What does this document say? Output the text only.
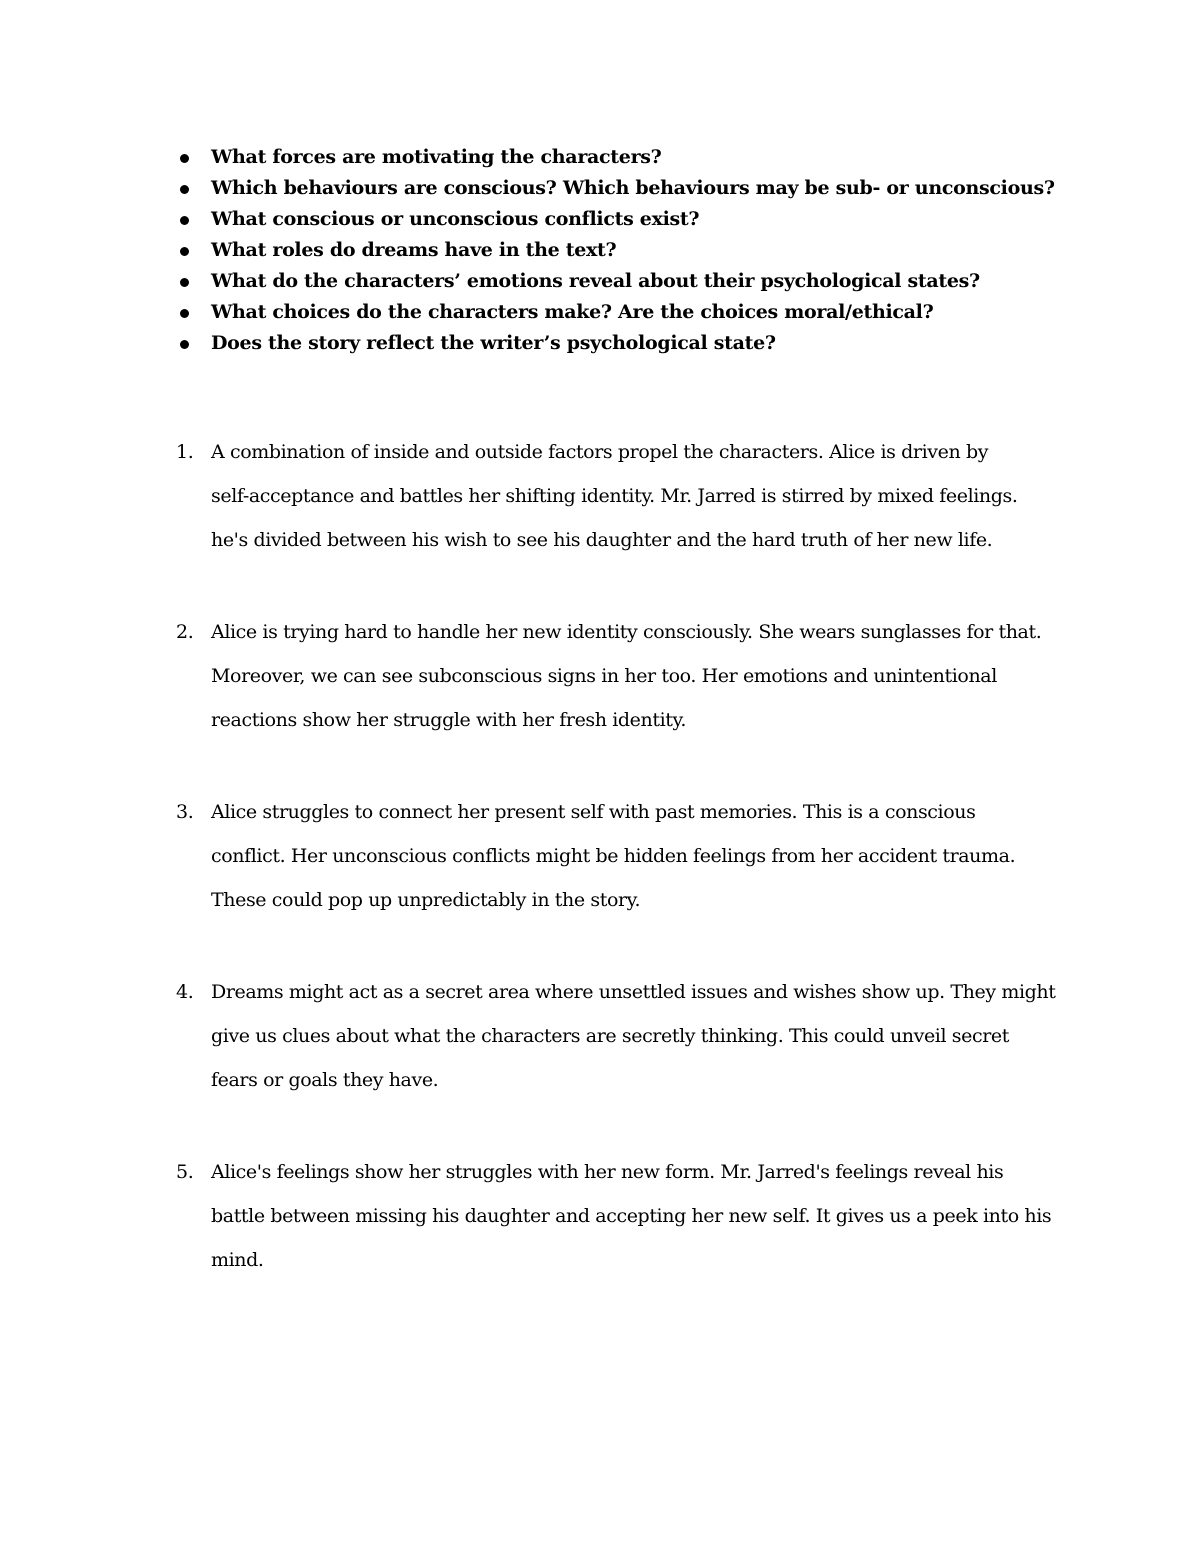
What forces are motivating the characters?
Which behaviours are conscious? Which behaviours may be sub- or unconscious?
What conscious or unconscious conflicts exist?
What roles do dreams have in the text?
What do the characters’ emotions reveal about their psychological states?
What choices do the characters make? Are the choices moral/ethical?
Does the story reflect the writer’s psychological state?
1. A combination of inside and outside factors propel the characters. Alice is driven by
self-acceptance and battles her shifting identity. Mr. Jarred is stirred by mixed feelings.
he's divided between his wish to see his daughter and the hard truth of her new life.
2. Alice is trying hard to handle her new identity consciously. She wears sunglasses for that.
Moreover, we can see subconscious signs in her too. Her emotions and unintentional
reactions show her struggle with her fresh identity.
3. Alice struggles to connect her present self with past memories. This is a conscious
conflict. Her unconscious conflicts might be hidden feelings from her accident trauma.
These could pop up unpredictably in the story.
4. Dreams might act as a secret area where unsettled issues and wishes show up. They might
give us clues about what the characters are secretly thinking. This could unveil secret
fears or goals they have.
5. Alice's feelings show her struggles with her new form. Mr. Jarred's feelings reveal his
battle between missing his daughter and accepting her new self. It gives us a peek into his
mind.
